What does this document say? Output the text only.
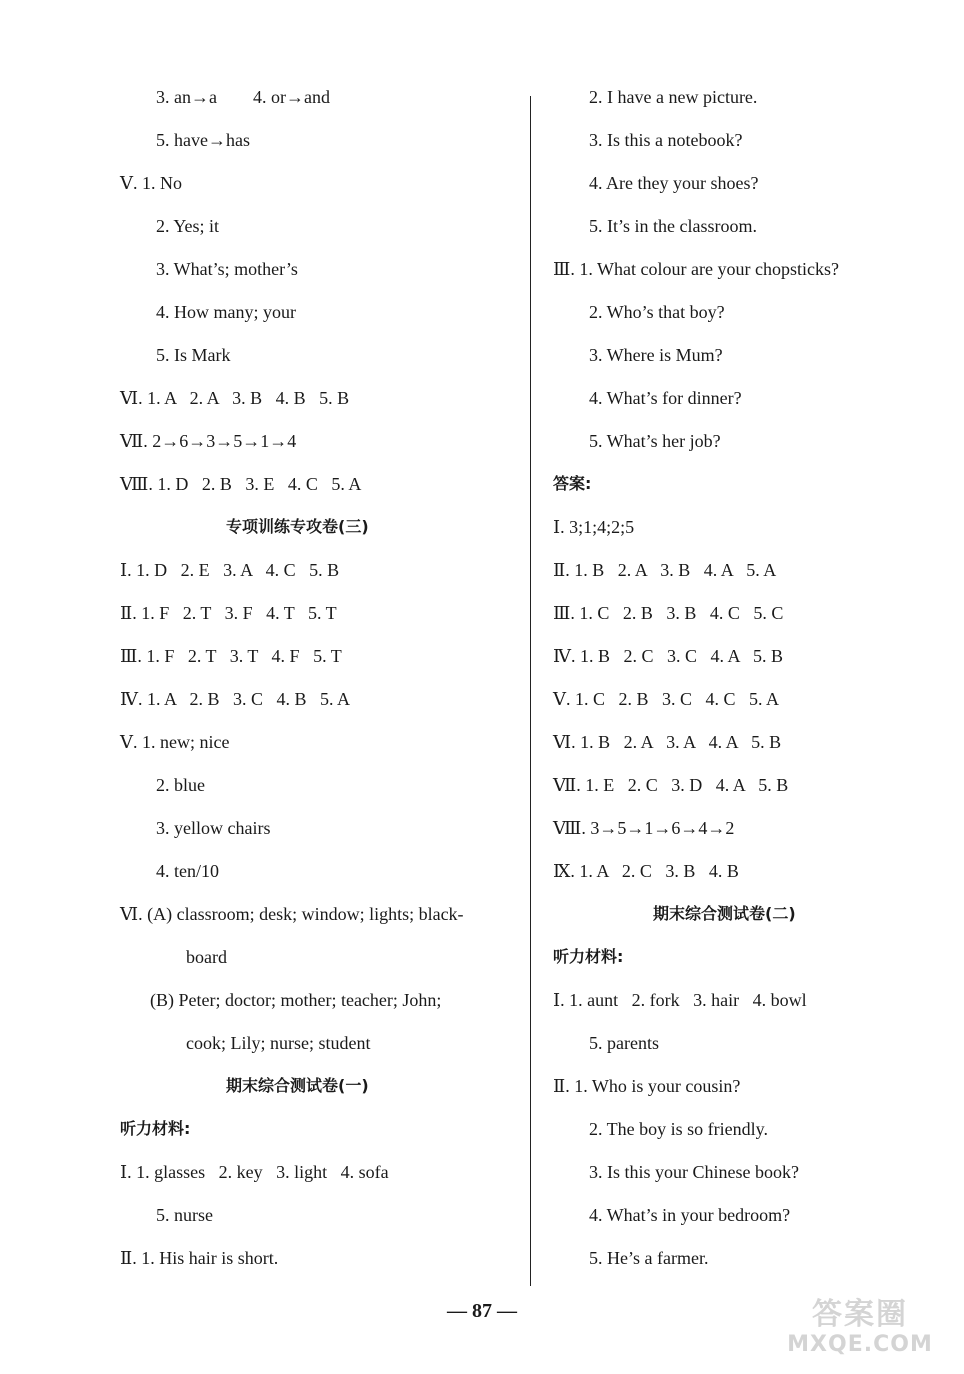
3. an→a        4. or→and
5. have→has
Ⅴ. 1. No
2. Yes; it
3. What’s; mother’s
4. How many; your
5. Is Mark
Ⅵ. 1. A   2. A   3. B   4. B   5. B
Ⅶ. 2→6→3→5→1→4
Ⅷ. 1. D   2. B   3. E   4. C   5. A
专项训练专攻卷(三)
Ⅰ. 1. D   2. E   3. A   4. C   5. B
Ⅱ. 1. F   2. T   3. F   4. T   5. T
Ⅲ. 1. F   2. T   3. T   4. F   5. T
Ⅳ. 1. A   2. B   3. C   4. B   5. A
Ⅴ. 1. new; nice
2. blue
3. yellow chairs
4. ten/10
Ⅵ. (A) classroom; desk; window; lights; black-
board
(B) Peter; doctor; mother; teacher; John;
cook; Lily; nurse; student
期末综合测试卷(一)
听力材料:
Ⅰ. 1. glasses   2. key   3. light   4. sofa
5. nurse
Ⅱ. 1. His hair is short.
2. I have a new picture.
3. Is this a notebook?
4. Are they your shoes?
5. It’s in the classroom.
Ⅲ. 1. What colour are your chopsticks?
2. Who’s that boy?
3. Where is Mum?
4. What’s for dinner?
5. What’s her job?
答案:
Ⅰ. 3;1;4;2;5
Ⅱ. 1. B   2. A   3. B   4. A   5. A
Ⅲ. 1. C   2. B   3. B   4. C   5. C
Ⅳ. 1. B   2. C   3. C   4. A   5. B
Ⅴ. 1. C   2. B   3. C   4. C   5. A
Ⅵ. 1. B   2. A   3. A   4. A   5. B
Ⅶ. 1. E   2. C   3. D   4. A   5. B
Ⅷ. 3→5→1→6→4→2
Ⅸ. 1. A   2. C   3. B   4. B
期末综合测试卷(二)
听力材料:
Ⅰ. 1. aunt   2. fork   3. hair   4. bowl
5. parents
Ⅱ. 1. Who is your cousin?
2. The boy is so friendly.
3. Is this your Chinese book?
4. What’s in your bedroom?
5. He’s a farmer.
— 87 —	答案圈
MXQE.COM
